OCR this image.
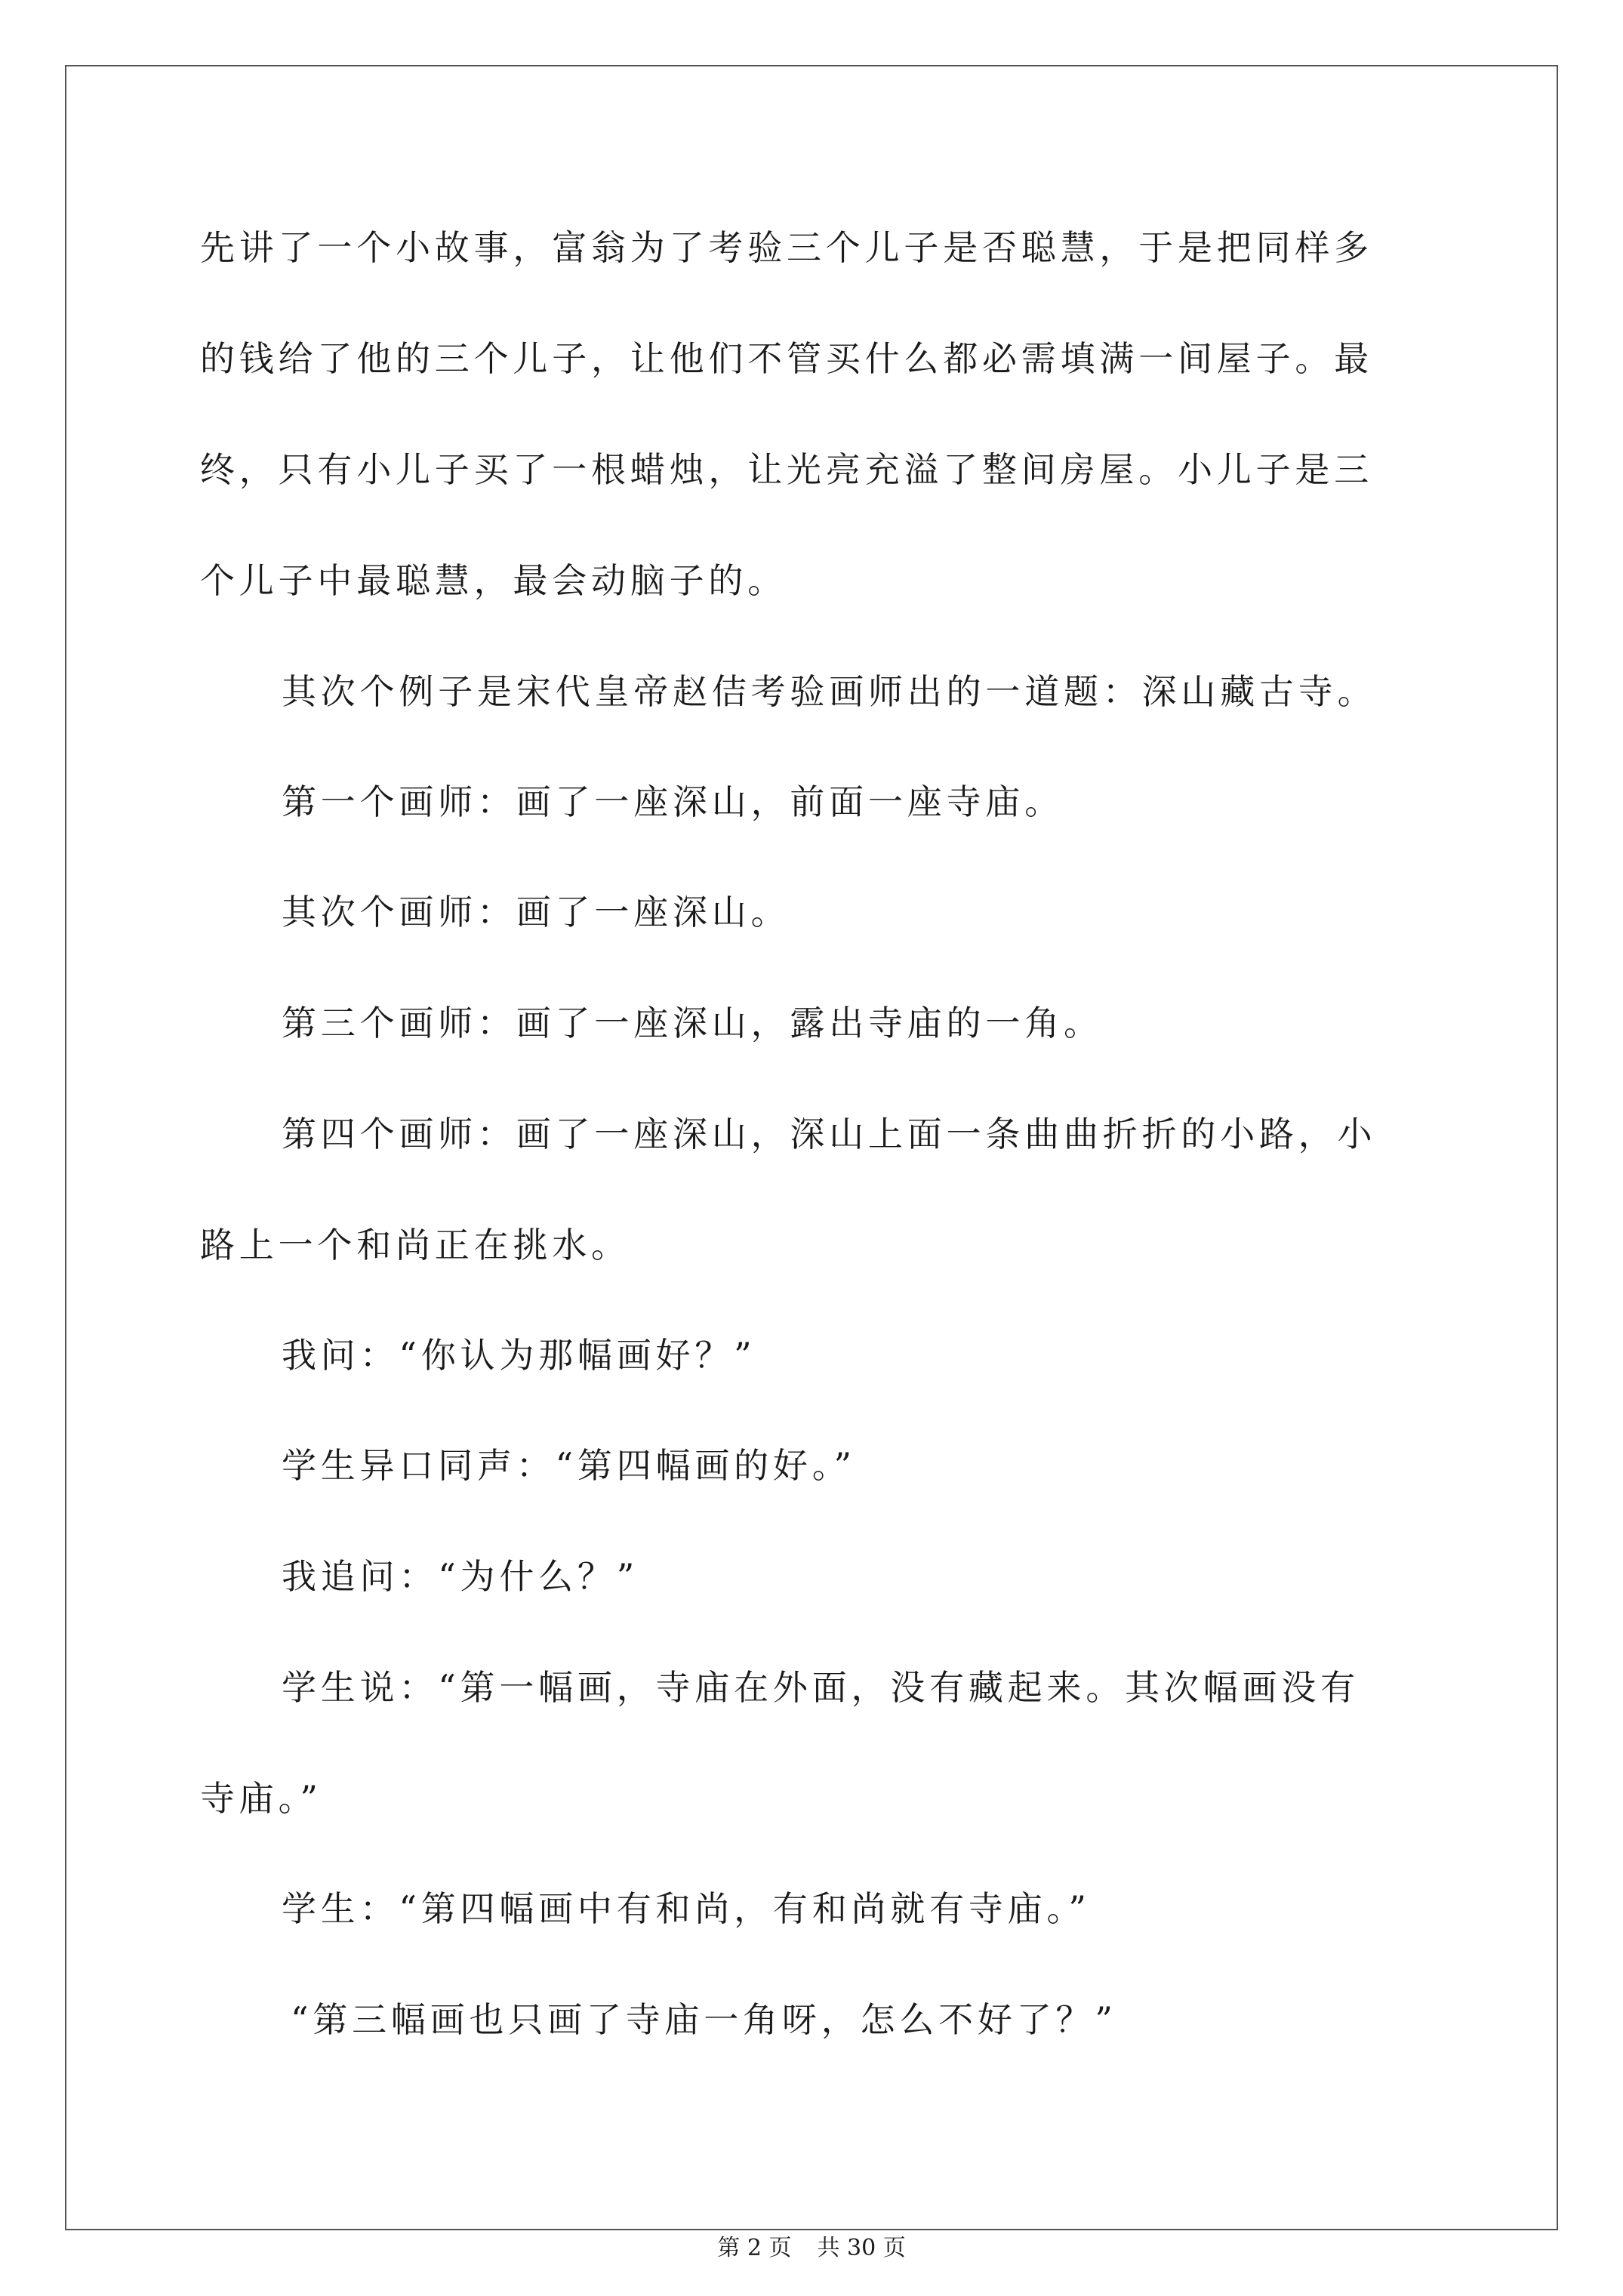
先讲了一个小故事，富翁为了考验三个儿子是否聪慧，于是把同样多
的钱给了他的三个儿子，让他们不管买什么都必需填满一间屋子。最
终，只有小儿子买了一根蜡烛，让光亮充溢了整间房屋。小儿子是三
个儿子中最聪慧，最会动脑子的。
其次个例子是宋代皇帝赵佶考验画师出的一道题：深山藏古寺。
第一个画师：画了一座深山，前面一座寺庙。
其次个画师：画了一座深山。
第三个画师：画了一座深山，露出寺庙的一角。
第四个画师：画了一座深山，深山上面一条曲曲折折的小路，小
路上一个和尚正在挑水。
我问：“你认为那幅画好？”
学生异口同声：“第四幅画的好。”
我追问：“为什么？”
学生说：“第一幅画，寺庙在外面，没有藏起来。其次幅画没有
寺庙。”
学生：“第四幅画中有和尚，有和尚就有寺庙。”
“第三幅画也只画了寺庙一角呀，怎么不好了？”
第 2 页 共 30 页
